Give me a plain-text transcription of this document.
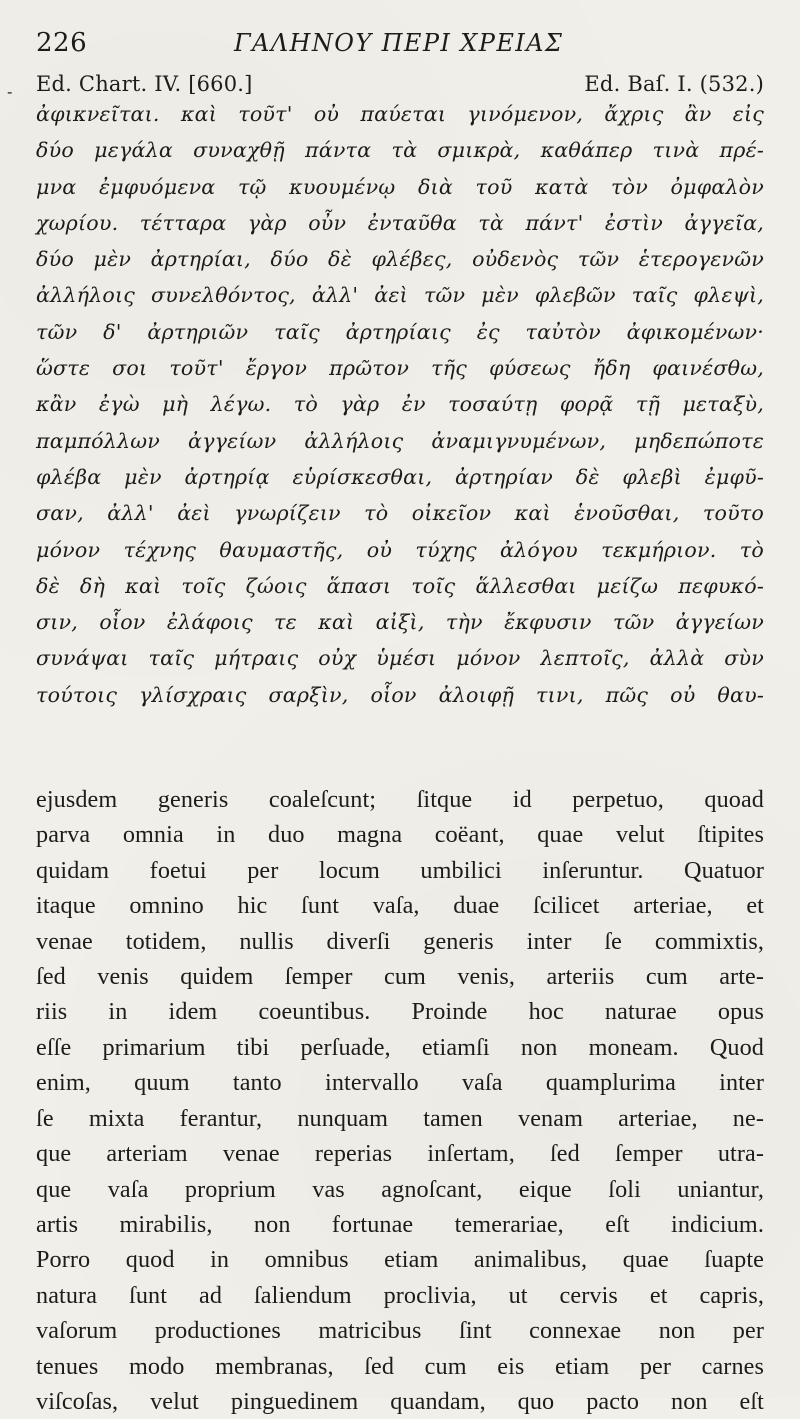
226	ΓΑΛΗΝΟΥ ΠΕΡΙ ΧΡΕΙΑΣ
- Ed. Chart. IV. [660.]	Ed. Baſ. I. (532.)
ἀφικνεῖται. καὶ τοῦτ' οὐ παύεται γινόμενον, ἄχρις ἂν εἰς
δύο μεγάλα συναχθῇ πάντα τὰ σμικρὰ, καθάπερ τινὰ πρέ-
μνα ἐμφυόμενα τῷ κυουμένῳ διὰ τοῦ κατὰ τὸν ὀμφαλὸν
χωρίου. τέτταρα γὰρ οὖν ἐνταῦθα τὰ πάντ' ἐστὶν ἀγγεῖα,
δύο μὲν ἀρτηρίαι, δύο δὲ φλέβες, οὐδενὸς τῶν ἑτερογενῶν
ἀλλήλοις συνελθόντος, ἀλλ' ἀεὶ τῶν μὲν φλεβῶν ταῖς φλεψὶ,
τῶν δ' ἀρτηριῶν ταῖς ἀρτηρίαις ἐς ταὐτὸν ἀφικομένων·
ὥστε σοι τοῦτ' ἔργον πρῶτον τῆς φύσεως ἤδη φαινέσθω,
κἂν ἐγὼ μὴ λέγω. τὸ γὰρ ἐν τοσαύτῃ φορᾷ τῇ μεταξὺ,
παμπόλλων ἀγγείων ἀλλήλοις ἀναμιγνυμένων, μηδεπώποτε
φλέβα μὲν ἀρτηρίᾳ εὑρίσκεσθαι, ἀρτηρίαν δὲ φλεβὶ ἐμφῦ-
σαν, ἀλλ' ἀεὶ γνωρίζειν τὸ οἰκεῖον καὶ ἑνοῦσθαι, τοῦτο
μόνον τέχνης θαυμαστῆς, οὐ τύχης ἀλόγου τεκμήριον. τὸ
δὲ δὴ καὶ τοῖς ζώοις ἅπασι τοῖς ἅλλεσθαι μείζω πεφυκό-
σιν, οἷον ἐλάφοις τε καὶ αἰξὶ, τὴν ἔκφυσιν τῶν ἀγγείων
συνάψαι ταῖς μήτραις οὐχ ὑμέσι μόνον λεπτοῖς, ἀλλὰ σὺν
τούτοις γλίσχραις σαρξὶν, οἷον ἀλοιφῇ τινι, πῶς οὐ θαυ-
ejusdem generis coaleſcunt; ſitque id perpetuo, quoad
parva omnia in duo magna coëant, quae velut ſtipites
quidam foetui per locum umbilici inſeruntur. Quatuor
itaque omnino hic ſunt vaſa, duae ſcilicet arteriae, et
venae totidem, nullis diverſi generis inter ſe commixtis,
ſed venis quidem ſemper cum venis, arteriis cum arte-
riis in idem coeuntibus. Proinde hoc naturae opus
eſſe primarium tibi perſuade, etiamſi non moneam. Quod
enim, quum tanto intervallo vaſa quamplurima inter
ſe mixta ferantur, nunquam tamen venam arteriae, ne-
que arteriam venae reperias inſertam, ſed ſemper utra-
que vaſa proprium vas agnoſcant, eique ſoli uniantur,
artis mirabilis, non fortunae temerariae, eſt indicium.
Porro quod in omnibus etiam animalibus, quae ſuapte
natura ſunt ad ſaliendum proclivia, ut cervis et capris,
vaſorum productiones matricibus ſint connexae non per
tenues modo membranas, ſed cum eis etiam per carnes
viſcoſas, velut pinguedinem quandam, quo pacto non eſt
